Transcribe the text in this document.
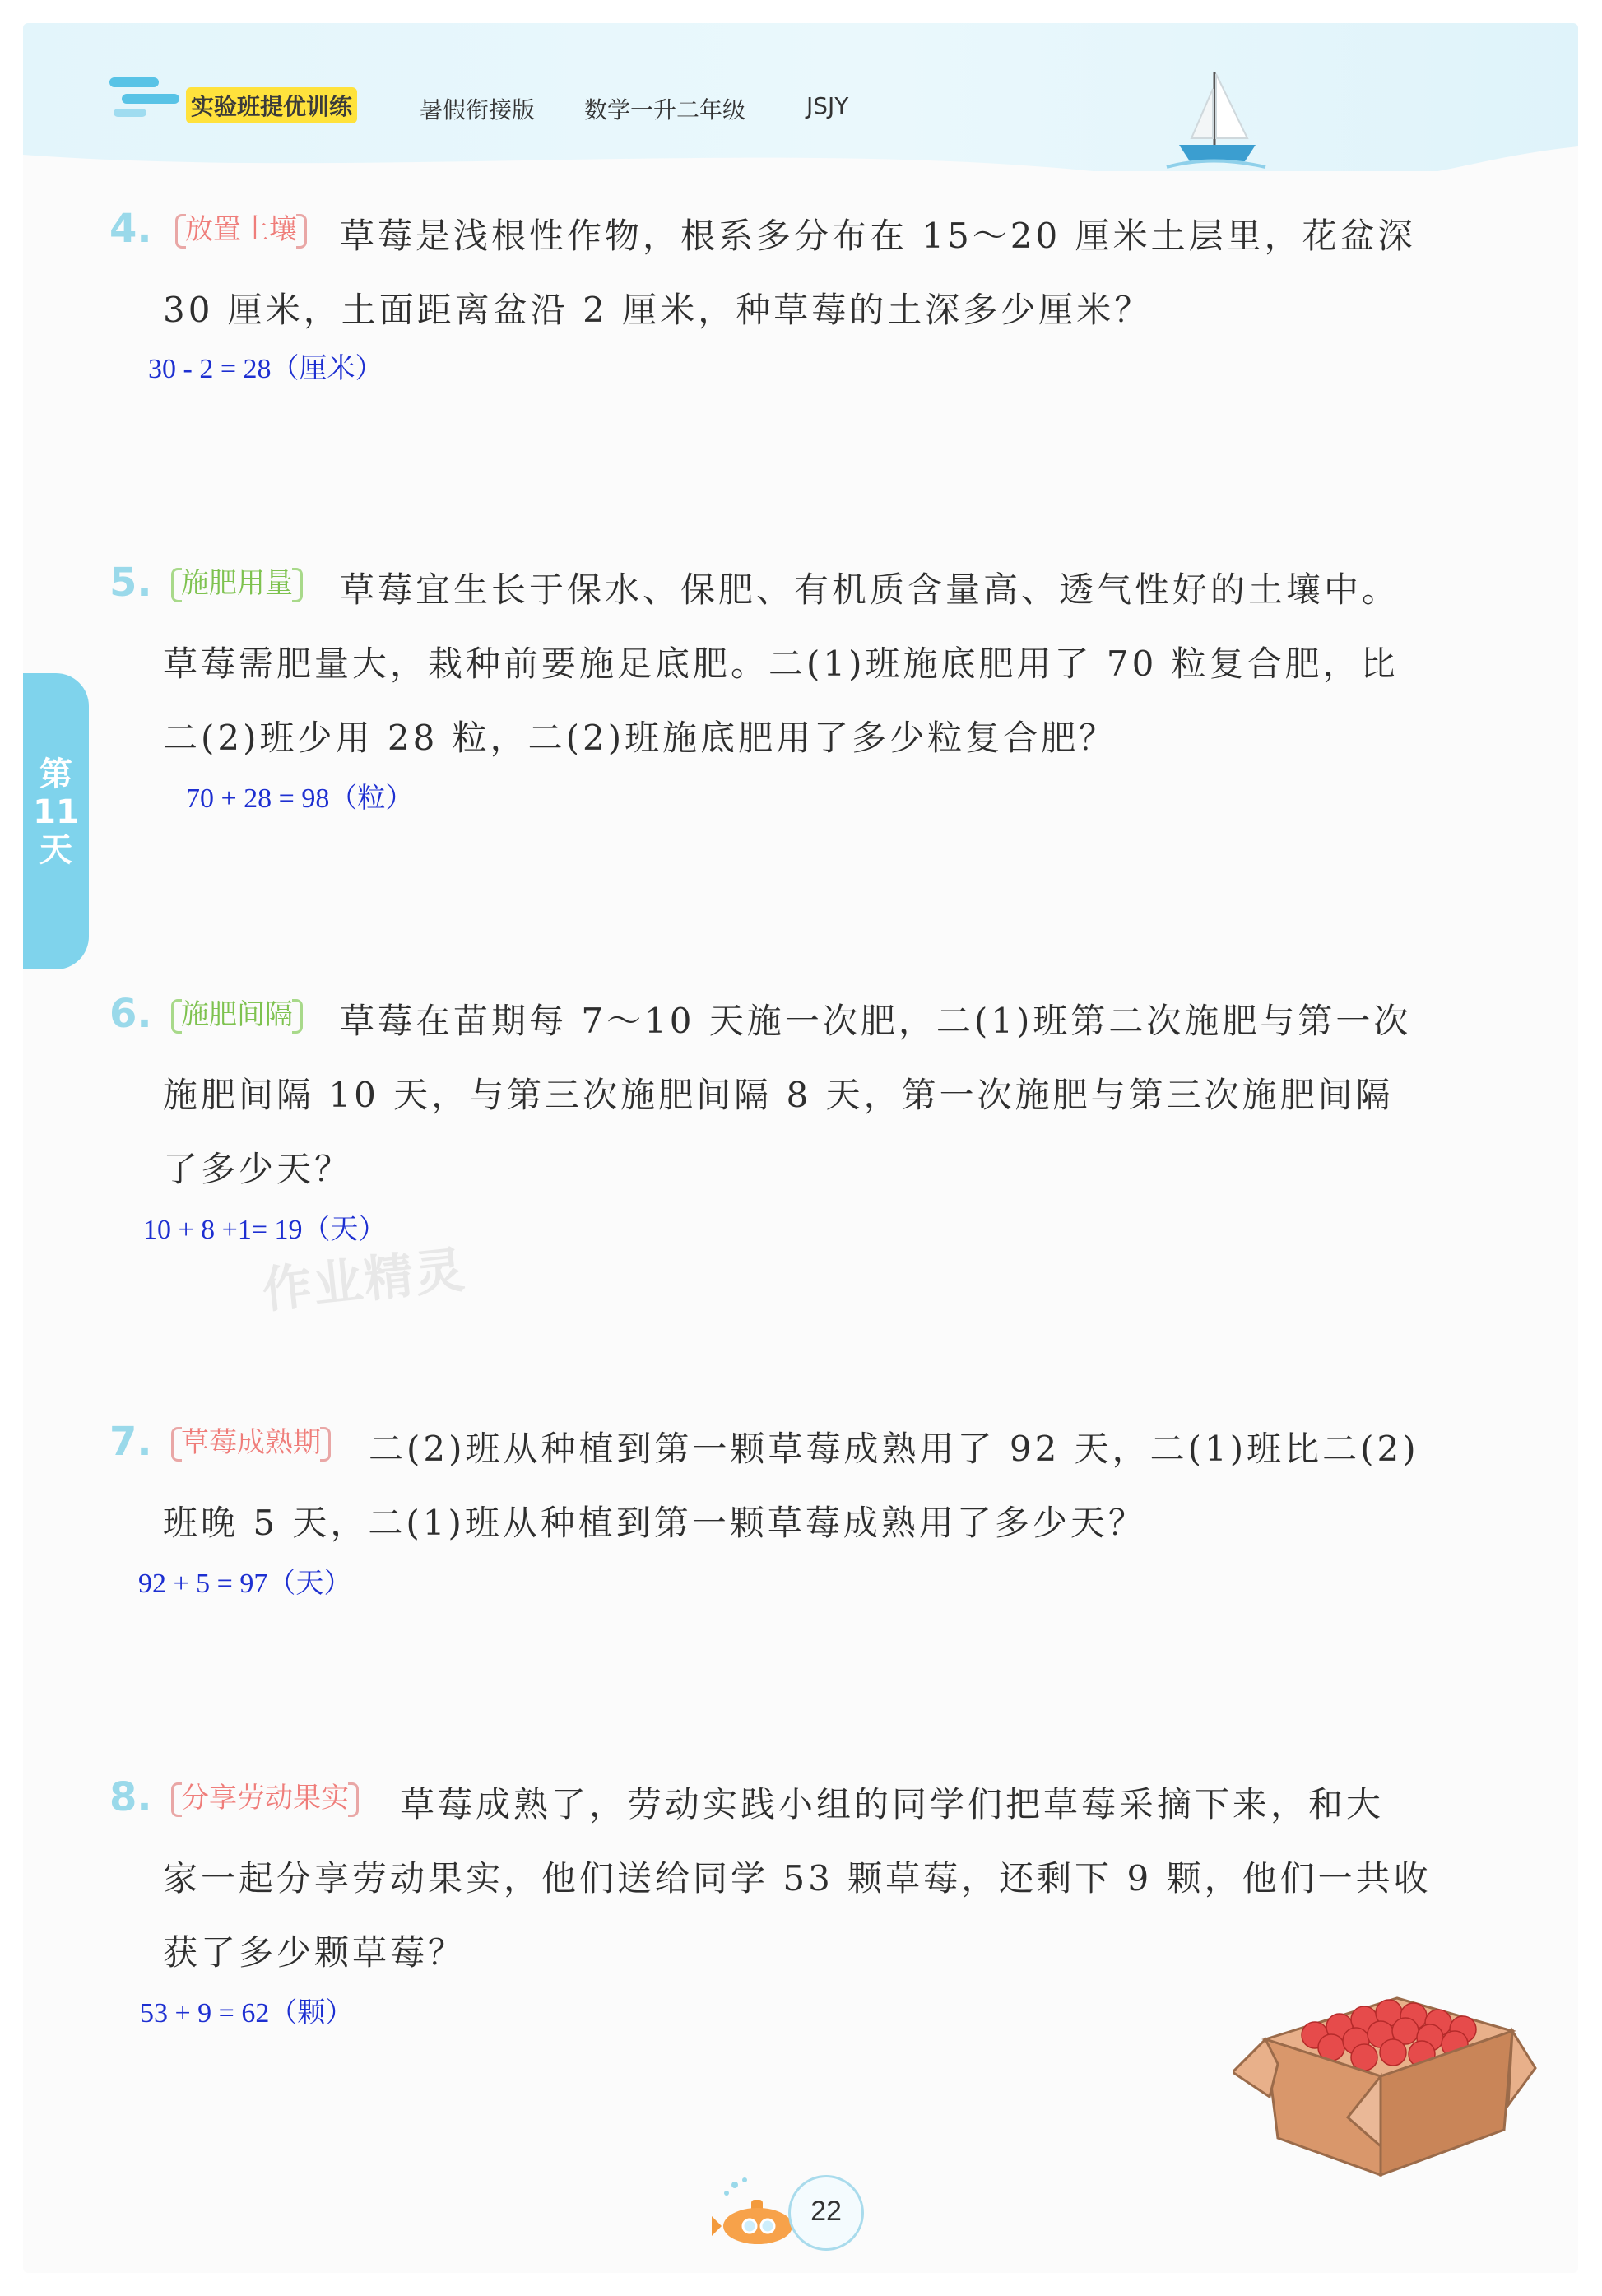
实验班提优训练	暑假衔接版 数学一升二年级	JSJY
第11天
4.	放置土壤 草莓是浅根性作物，根系多分布在 15～20 厘米土层里，花盆深
30 厘米，土面距离盆沿 2 厘米，种草莓的土深多少厘米？
30 - 2 = 28（厘米）
5.	施肥用量 草莓宜生长于保水、保肥、有机质含量高、透气性好的土壤中。
草莓需肥量大，栽种前要施足底肥。二(1)班施底肥用了 70 粒复合肥，比
二(2)班少用 28 粒，二(2)班施底肥用了多少粒复合肥？
70 + 28 = 98（粒）
6.	施肥间隔 草莓在苗期每 7～10 天施一次肥，二(1)班第二次施肥与第一次
施肥间隔 10 天，与第三次施肥间隔 8 天，第一次施肥与第三次施肥间隔
了多少天？
10 + 8 +1= 19（天）
作业精灵
7.	草莓成熟期 二(2)班从种植到第一颗草莓成熟用了 92 天，二(1)班比二(2)
班晚 5 天，二(1)班从种植到第一颗草莓成熟用了多少天？
92 + 5 = 97（天）
8.	分享劳动果实 草莓成熟了，劳动实践小组的同学们把草莓采摘下来，和大
家一起分享劳动果实，他们送给同学 53 颗草莓，还剩下 9 颗，他们一共收
获了多少颗草莓？
53 + 9 = 62（颗）
22
